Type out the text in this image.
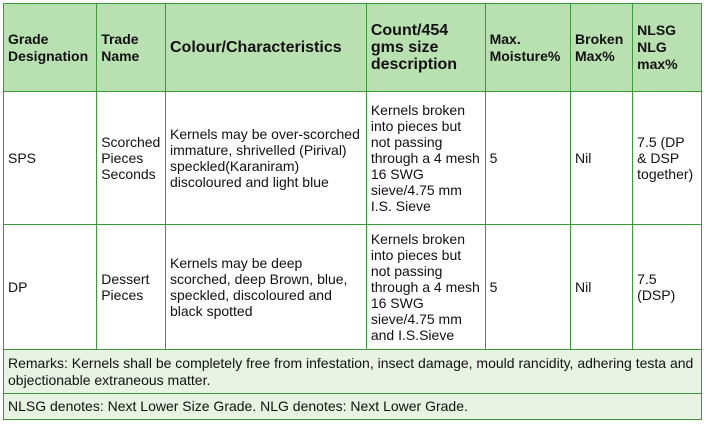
Grade Designation	Trade Name	Colour/Characteristics	Count/454 gms size description	Max. Moisture%	Broken Max%	NLSG NLG max%
SPS	Scorched Pieces Seconds	Kernels may be over-scorched immature, shrivelled (Pirival) speckled(Karaniram) discoloured and light blue	Kernels broken into pieces but not passing through a 4 mesh 16 SWG sieve/4.75 mm I.S. Sieve	5	Nil	7.5 (DP & DSP together)
DP	Dessert Pieces	Kernels may be deep scorched, deep Brown, blue, speckled, discoloured and black spotted	Kernels broken into pieces but not passing through a 4 mesh 16 SWG sieve/4.75 mm and I.S.Sieve	5	Nil	7.5 (DSP)
Remarks: Kernels shall be completely free from infestation, insect damage, mould rancidity, adhering testa and objectionable extraneous matter.						
NLSG denotes: Next Lower Size Grade. NLG denotes: Next Lower Grade.						
